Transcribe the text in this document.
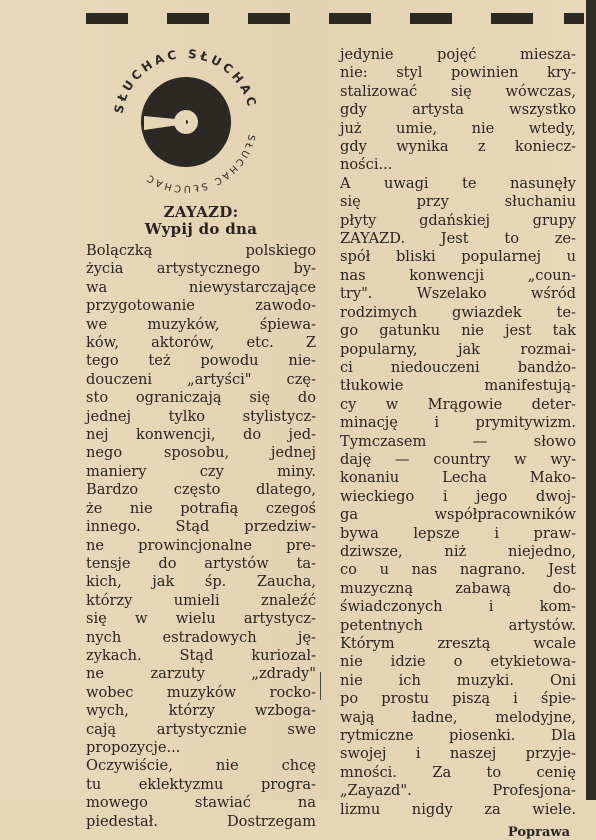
SŁUCHAC SŁUCHAC
SŁUCHAC SŁUCHAC

ZAYAZD:

Wypij do dna

Bolączką polskiego
życia artystycznego by-
wa niewystarczające
przygotowanie zawodo-
we muzyków, śpiewa-
ków, aktorów, etc. Z
tego też powodu nie-
douczeni „artyści" czę-
sto ograniczają się do
jednej tylko stylistycz-
nej konwencji, do jed-
nego sposobu, jednej
maniery czy miny.
Bardzo często dlatego,
że nie potrafią czegoś
innego. Stąd przedziw-
ne prowincjonalne pre-
tensje do artystów ta-
kich, jak śp. Zaucha,
którzy umieli znaleźć
się w wielu artystycz-
nych estradowych ję-
zykach. Stąd kuriozal-
ne zarzuty „zdrady"
wobec muzyków rocko-
wych, którzy wzboga-
cają artystycznie swe
propozycje...

Oczywiście, nie chcę
tu eklektyzmu progra-
mowego stawiać na
piedestał. Dostrzegam

jedynie pojęć miesza-
nie: styl powinien kry-
stalizować się wówczas,
gdy artysta wszystko
już umie, nie wtedy,
gdy wynika z koniecz-
ności...

A uwagi te nasunęły
się przy słuchaniu
płyty gdańskiej grupy
ZAYAZD. Jest to ze-
spół bliski popularnej u
nas konwencji „coun-
try". Wszelako wśród
rodzimych gwiazdek te-
go gatunku nie jest tak
popularny, jak rozmai-
ci niedouczeni bandżo-
tłukowie manifestują-
cy w Mrągowie deter-
minację i prymitywizm.

Tymczasem — słowo
daję — country w wy-
konaniu Lecha Mako-
wieckiego i jego dwoj-
ga współpracowników
bywa lepsze i praw-
dziwsze, niż niejedno,
co u nas nagrano. Jest
muzyczną zabawą do-
świadczonych i kom-
petentnych artystów.
Którym zresztą wcale
nie idzie o etykietowa-
nie ich muzyki. Oni
po prostu piszą i śpie-
wają ładne, melodyjne,
rytmiczne piosenki. Dla
swojej i naszej przyje-
mności. Za to cenię
„Zayazd". Profesjona-
lizmu nigdy za wiele.

Poprawa
